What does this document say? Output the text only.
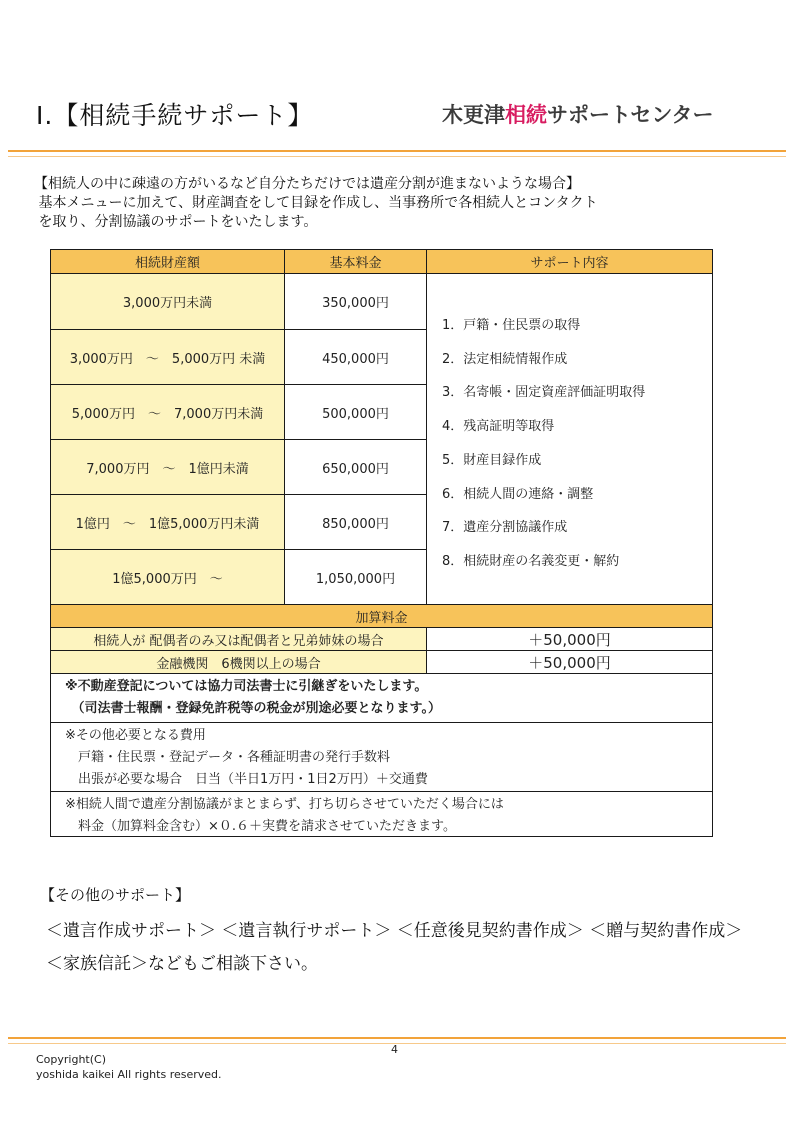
Ⅰ.【相続手続サポート】	木更津相続サポートセンター
【相続人の中に疎遠の方がいるなど自分たちだけでは遺産分割が進まないような場合】
基本メニューに加えて、財産調査をして目録を作成し、当事務所で各相続人とコンタクト
を取り、分割協議のサポートをいたします。
相続財産額	基本料金	サポート内容
3,000万円未満	350,000円
3,000万円　～　5,000万円 未満	450,000円
5,000万円　～　7,000万円未満	500,000円
7,000万円　～　1億円未満	650,000円
1億円　～　1億5,000万円未満	850,000円
1億5,000万円　～	1,050,000円
1．戸籍・住民票の取得
2．法定相続情報作成
3．名寄帳・固定資産評価証明取得
4．残高証明等取得
5．財産目録作成
6．相続人間の連絡・調整
7．遺産分割協議作成
8．相続財産の名義変更・解約
加算料金
相続人が 配偶者のみ又は配偶者と兄弟姉妹の場合	＋50,000円
金融機関　6機関以上の場合	＋50,000円
※不動産登記については協力司法書士に引継ぎをいたします。
　（司法書士報酬・登録免許税等の税金が別途必要となります。）
※その他必要となる費用
　戸籍・住民票・登記データ・各種証明書の発行手数料
　出張が必要な場合　日当（半日1万円・1日2万円）＋交通費
※相続人間で遺産分割協議がまとまらず、打ち切らさせていただく場合には
　料金（加算料金含む）×０.６＋実費を請求させていただきます。
【その他のサポート】
＜遺言作成サポート＞ ＜遺言執行サポート＞ ＜任意後見契約書作成＞ ＜贈与契約書作成＞
＜家族信託＞などもご相談下さい。
4
Copyright(C)
yoshida kaikei All rights reserved.
